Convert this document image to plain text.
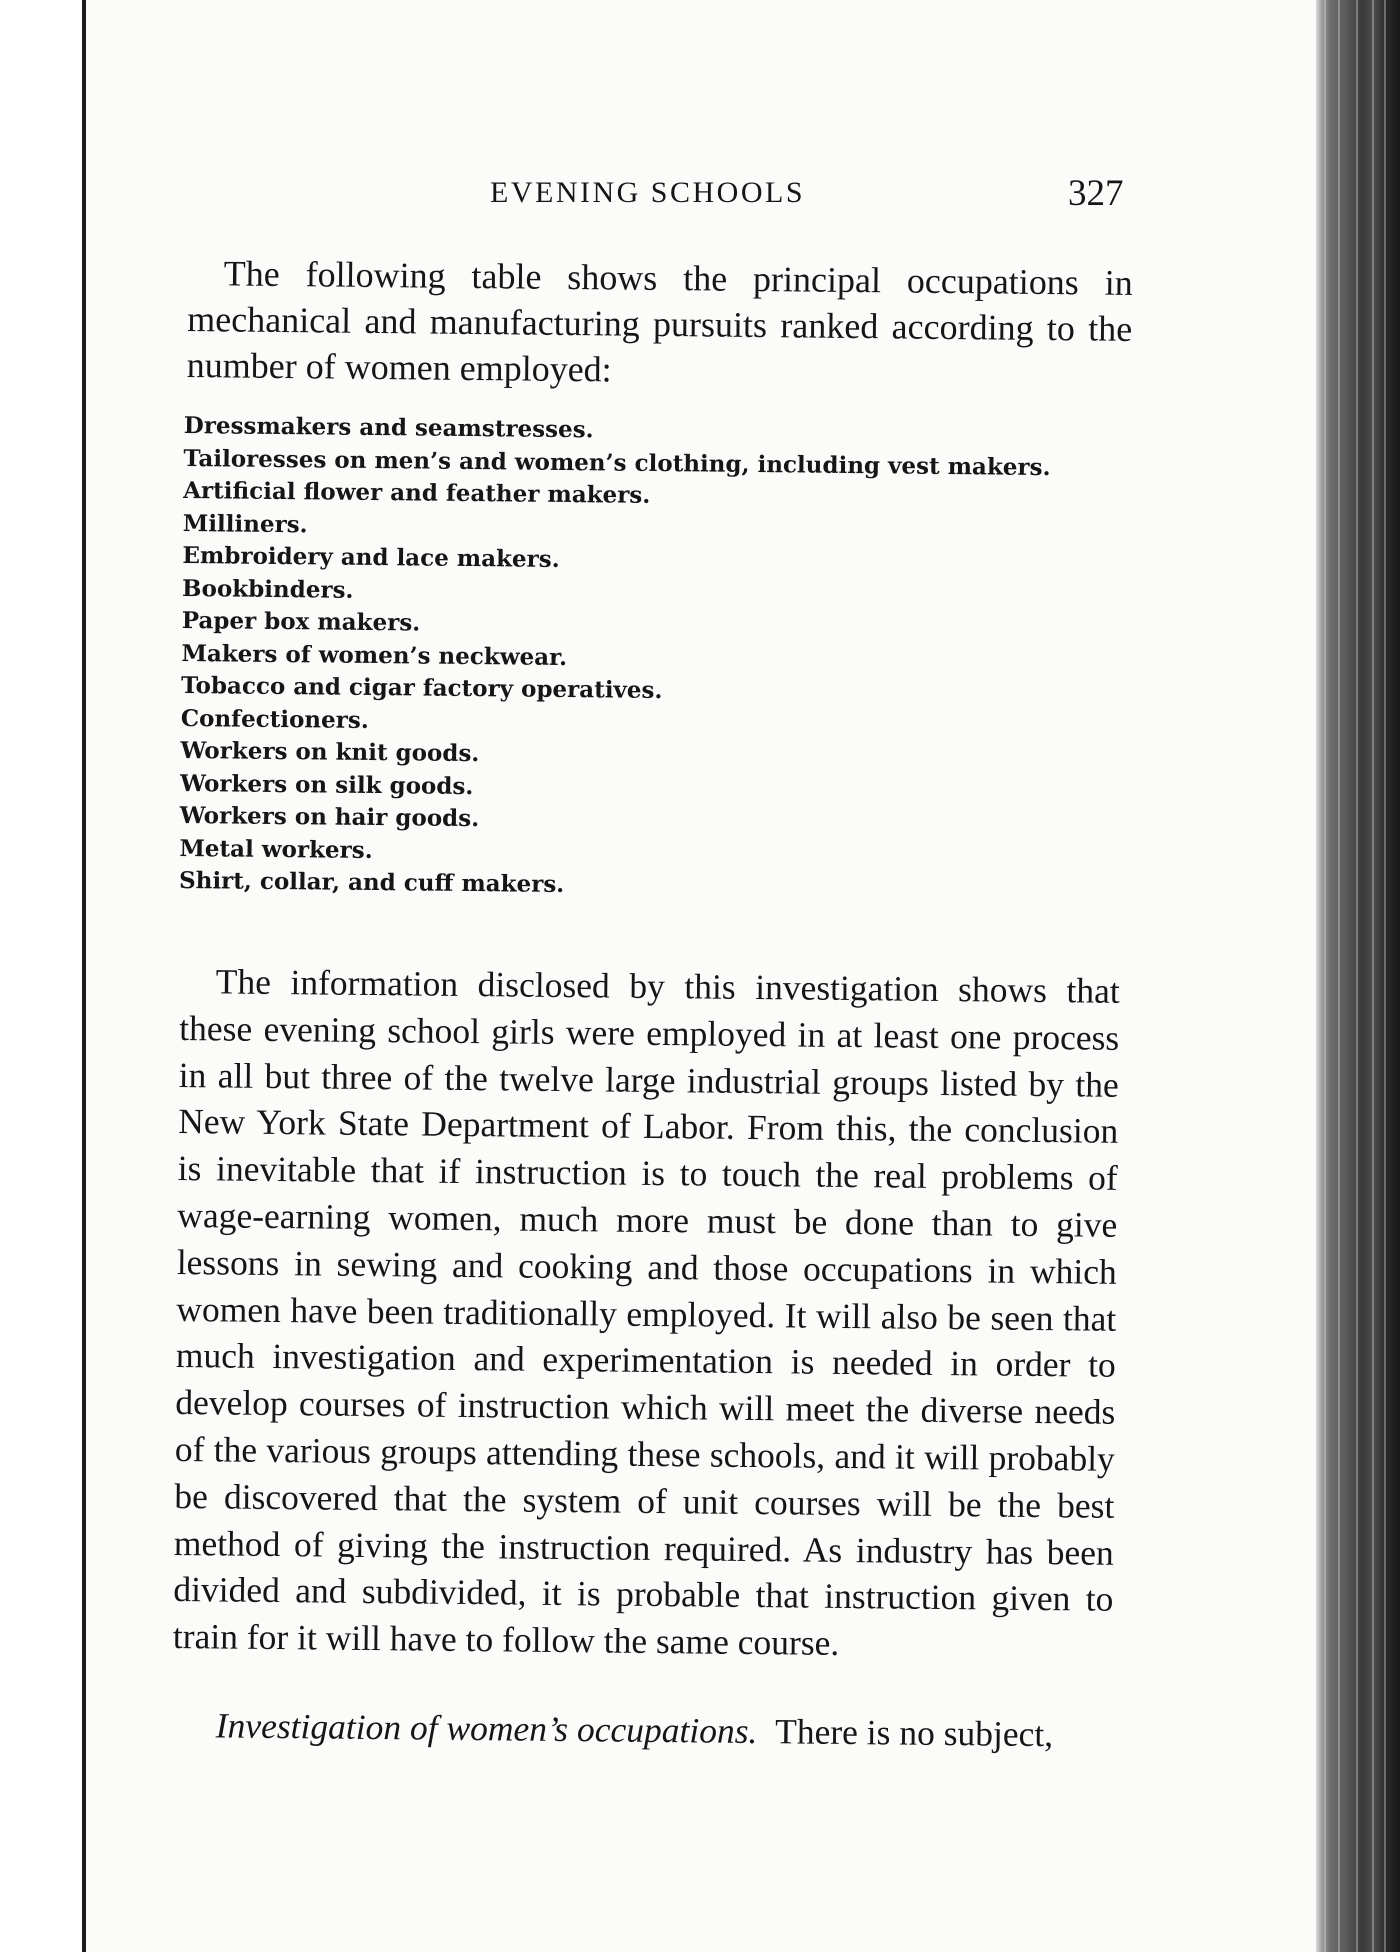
EVENING SCHOOLS	327

The following table shows the principal occupations in mechanical and manufacturing pursuits ranked according to the number of women employed:

Dressmakers and seamstresses.
Tailoresses on men’s and women’s clothing, including vest makers.
Artificial flower and feather makers.
Milliners.
Embroidery and lace makers.
Bookbinders.
Paper box makers.
Makers of women’s neckwear.
Tobacco and cigar factory operatives.
Confectioners.
Workers on knit goods.
Workers on silk goods.
Workers on hair goods.
Metal workers.
Shirt, collar, and cuff makers.

The information disclosed by this investigation shows that these evening school girls were employed in at least one process in all but three of the twelve large industrial groups listed by the New York State Department of Labor. From this, the conclusion is inevitable that if instruction is to touch the real problems of wage-earning women, much more must be done than to give lessons in sewing and cooking and those occupations in which women have been traditionally employed. It will also be seen that much investigation and experimentation is needed in order to develop courses of instruction which will meet the diverse needs of the various groups attending these schools, and it will probably be discovered that the system of unit courses will be the best method of giving the instruction required. As industry has been divided and subdivided, it is probable that instruction given to train for it will have to follow the same course.

Investigation of women’s occupations. There is no subject,
